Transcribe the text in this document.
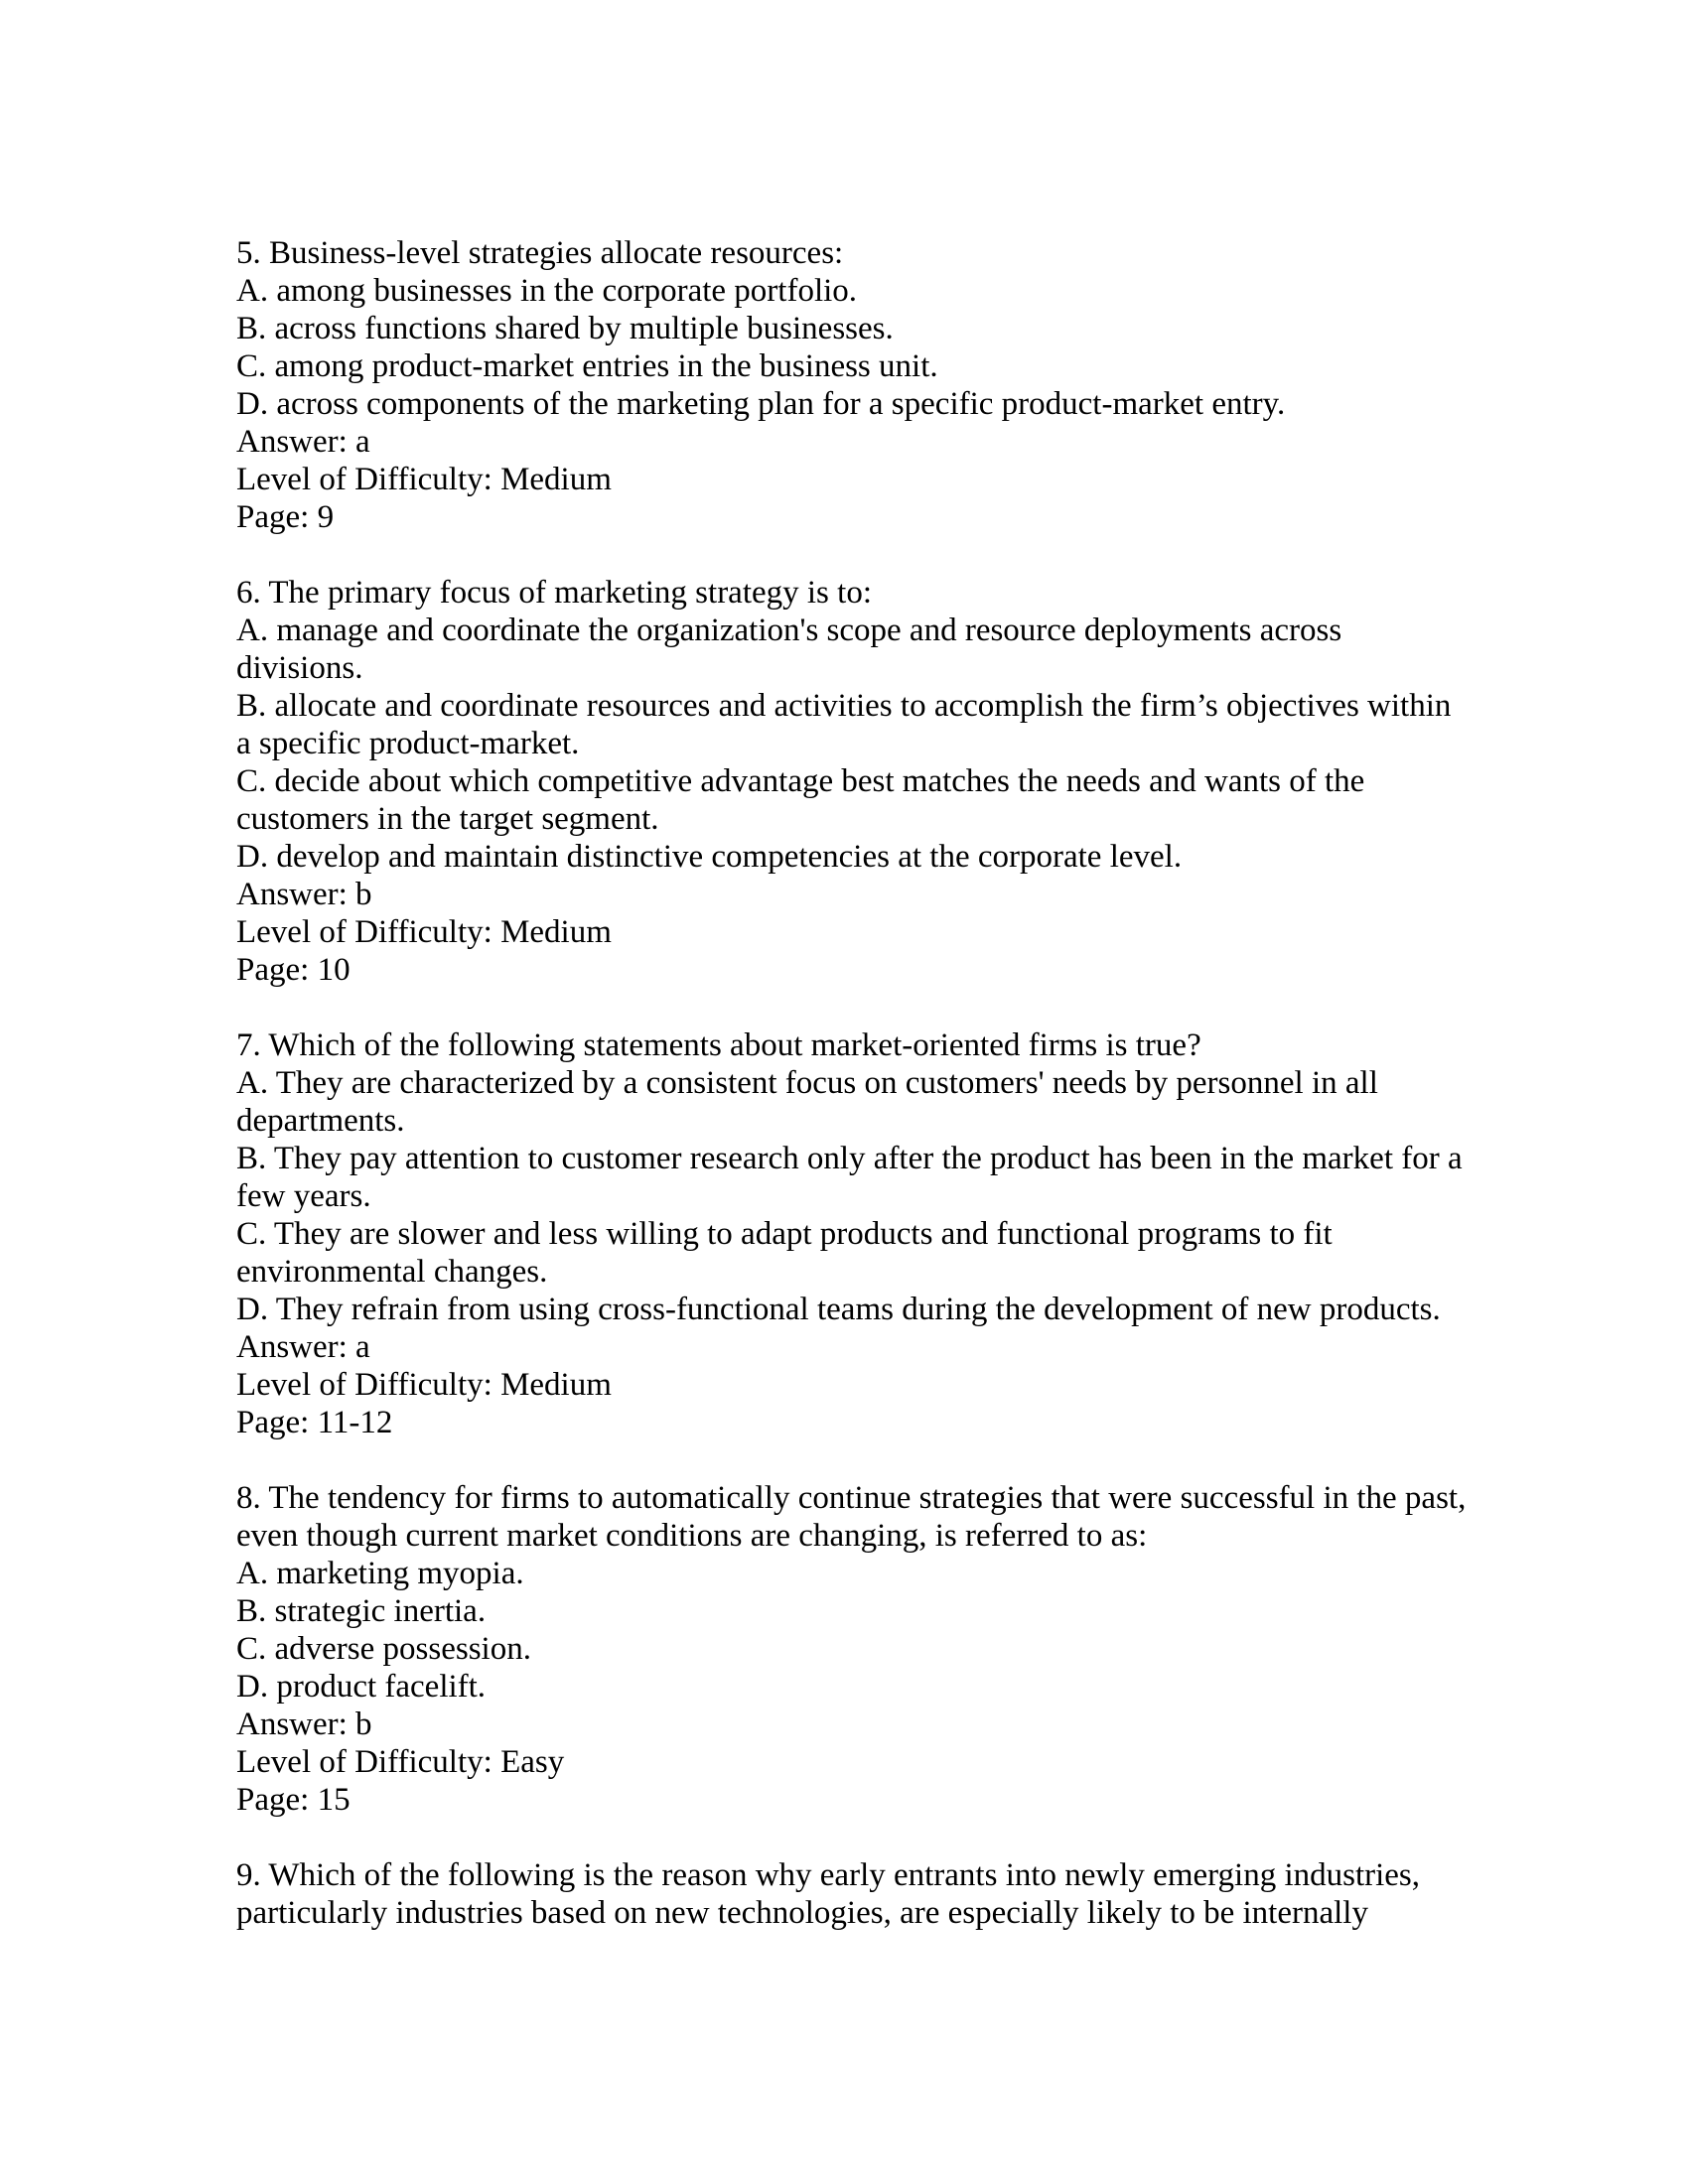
5. Business-level strategies allocate resources:
A. among businesses in the corporate portfolio.
B. across functions shared by multiple businesses.
C. among product-market entries in the business unit.
D. across components of the marketing plan for a specific product-market entry.
Answer: a
Level of Difficulty: Medium
Page: 9
6. The primary focus of marketing strategy is to:
A. manage and coordinate the organization's scope and resource deployments across
divisions.
B. allocate and coordinate resources and activities to accomplish the firm’s objectives within
a specific product-market.
C. decide about which competitive advantage best matches the needs and wants of the
customers in the target segment.
D. develop and maintain distinctive competencies at the corporate level.
Answer: b
Level of Difficulty: Medium
Page: 10
7. Which of the following statements about market-oriented firms is true?
A. They are characterized by a consistent focus on customers' needs by personnel in all
departments.
B. They pay attention to customer research only after the product has been in the market for a
few years.
C. They are slower and less willing to adapt products and functional programs to fit
environmental changes.
D. They refrain from using cross-functional teams during the development of new products.
Answer: a
Level of Difficulty: Medium
Page: 11-12
8. The tendency for firms to automatically continue strategies that were successful in the past,
even though current market conditions are changing, is referred to as:
A. marketing myopia.
B. strategic inertia.
C. adverse possession.
D. product facelift.
Answer: b
Level of Difficulty: Easy
Page: 15
9. Which of the following is the reason why early entrants into newly emerging industries,
particularly industries based on new technologies, are especially likely to be internally
